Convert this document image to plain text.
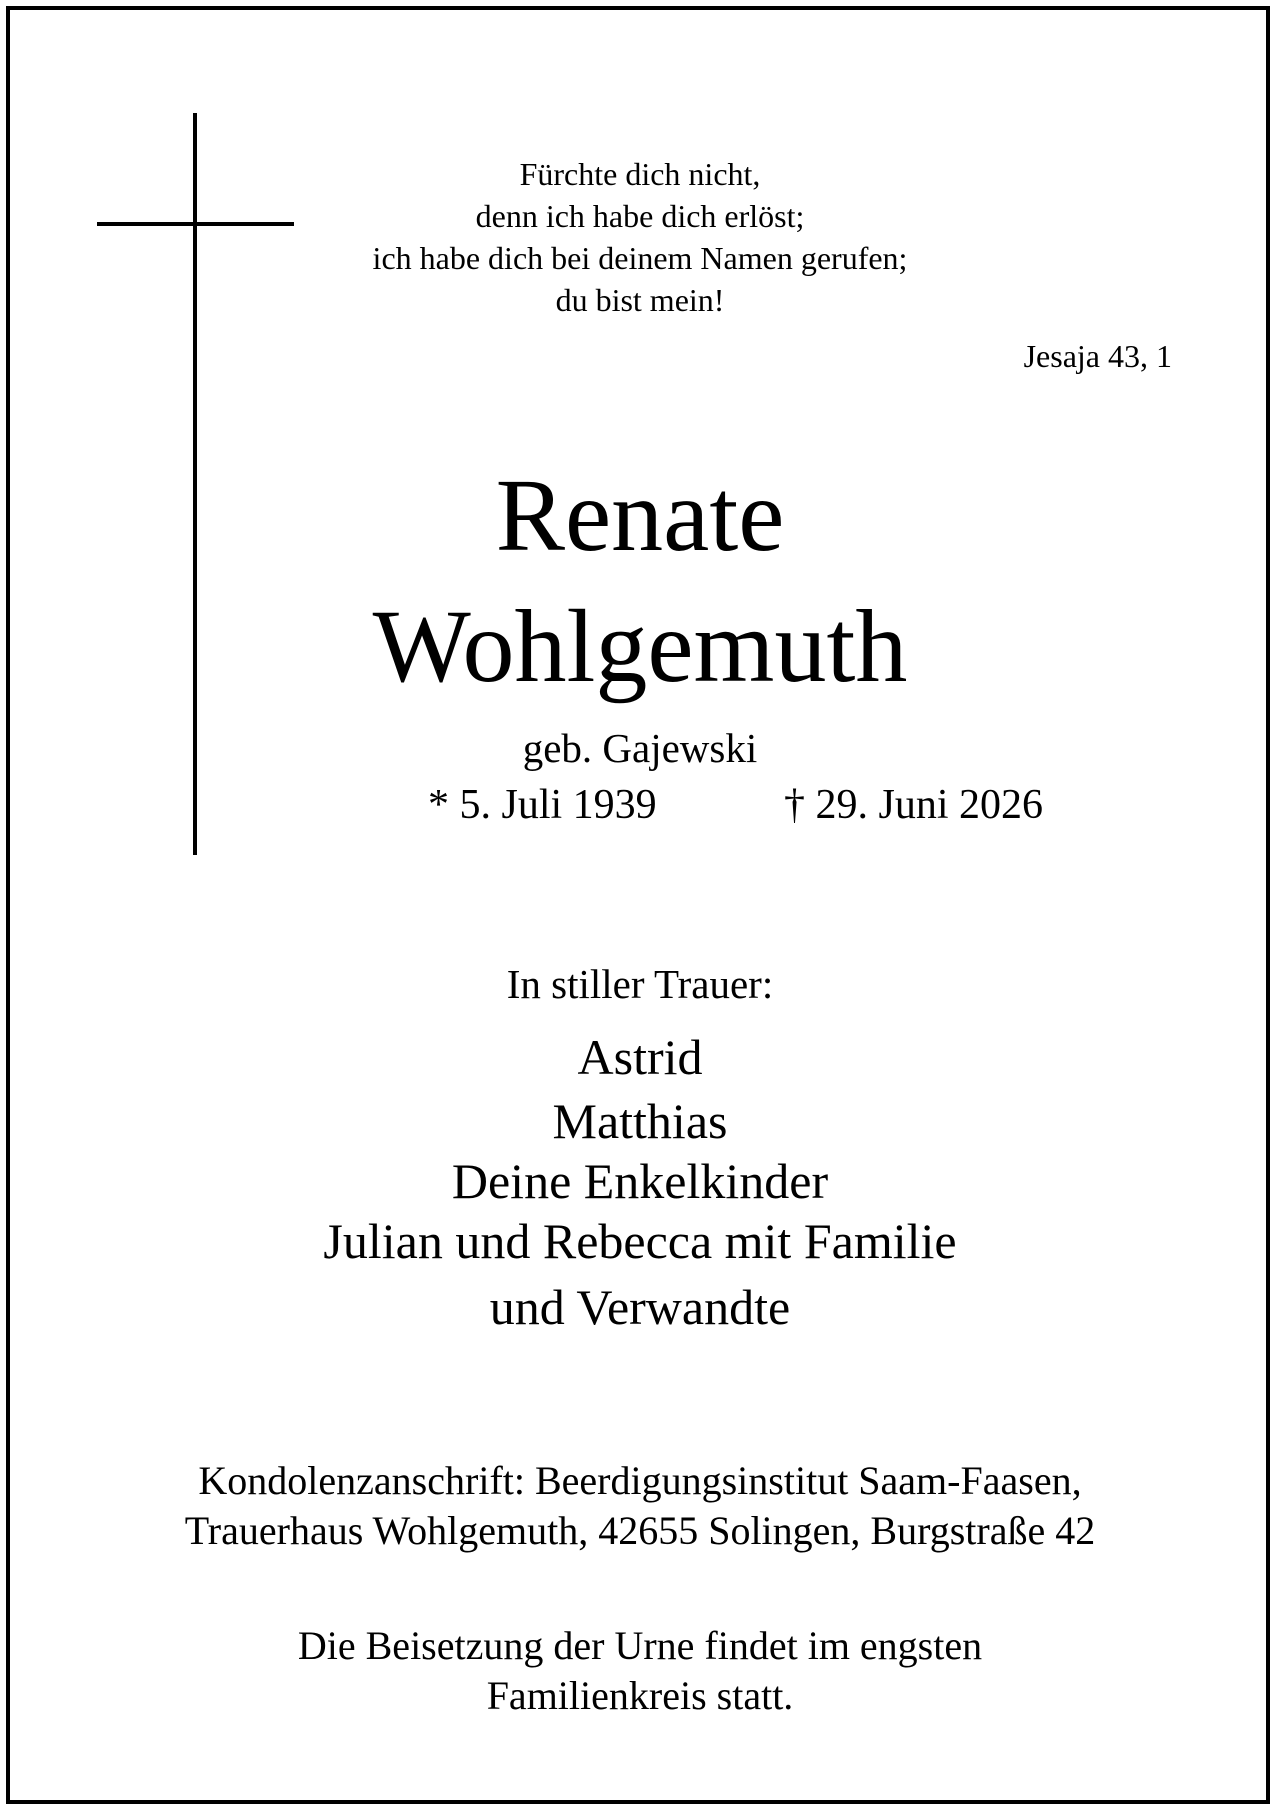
Fürchte dich nicht,
denn ich habe dich erlöst;
ich habe dich bei deinem Namen gerufen;
du bist mein!
Jesaja 43, 1
Renate
Wohlgemuth
geb. Gajewski
* 5. Juli 1939	† 29. Juni 2026
In stiller Trauer:
Astrid
Matthias
Deine Enkelkinder
Julian und Rebecca mit Familie
und Verwandte
Kondolenzanschrift: Beerdigungsinstitut Saam-Faasen,
Trauerhaus Wohlgemuth, 42655 Solingen, Burgstraße 42
Die Beisetzung der Urne findet im engsten
Familienkreis statt.
